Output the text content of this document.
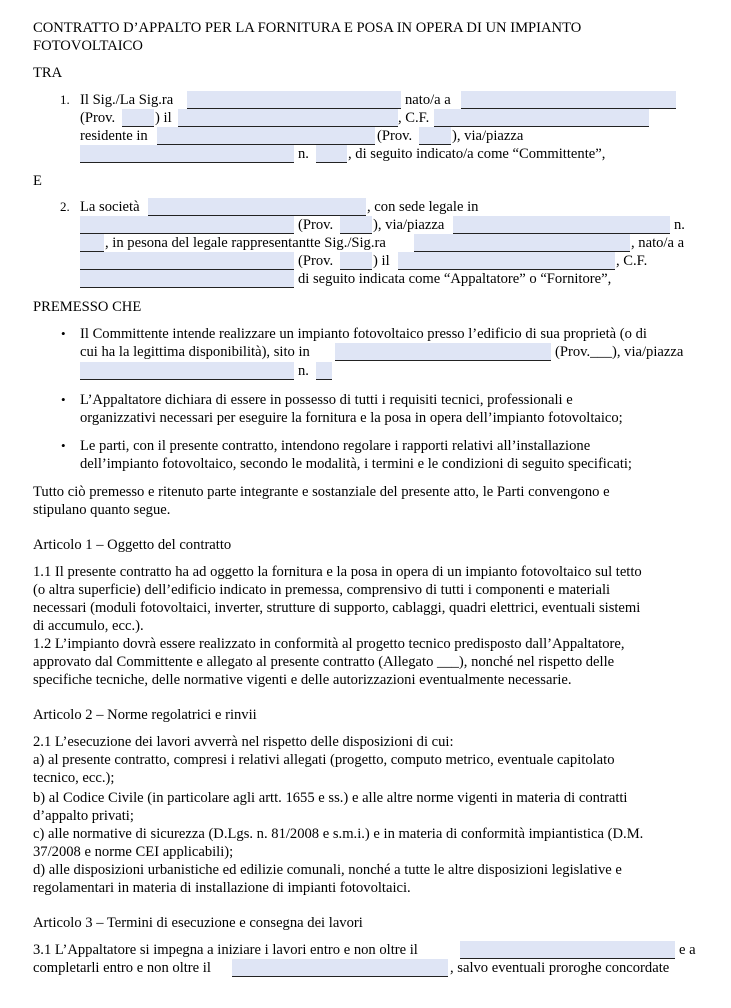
CONTRATTO D’APPALTO PER LA FORNITURA E POSA IN OPERA DI UN IMPIANTO
FOTOVOLTAICO
TRA
1. Il Sig./La Sig.ra	nato/a a
(Prov.	) il	, C.F.
residente in	(Prov.	), via/piazza
n.	, di seguito indicato/a come “Committente”,
E
2. La società	, con sede legale in
(Prov.	), via/piazza	n.
, in pesona del legale rappresentantte Sig./Sig.ra	, nato/a a
(Prov.	) il	, C.F.
di seguito indicata come “Appaltatore” o “Fornitore”,
PREMESSO CHE
• Il Committente intende realizzare un impianto fotovoltaico presso l’edificio di sua proprietà (o di
cui ha la legittima disponibilità), sito in	(Prov.___), via/piazza
n.
• L’Appaltatore dichiara di essere in possesso di tutti i requisiti tecnici, professionali e
organizzativi necessari per eseguire la fornitura e la posa in opera dell’impianto fotovoltaico;
• Le parti, con il presente contratto, intendono regolare i rapporti relativi all’installazione
dell’impianto fotovoltaico, secondo le modalità, i termini e le condizioni di seguito specificati;
Tutto ciò premesso e ritenuto parte integrante e sostanziale del presente atto, le Parti convengono e
stipulano quanto segue.
Articolo 1 – Oggetto del contratto
1.1 Il presente contratto ha ad oggetto la fornitura e la posa in opera di un impianto fotovoltaico sul tetto
(o altra superficie) dell’edificio indicato in premessa, comprensivo di tutti i componenti e materiali
necessari (moduli fotovoltaici, inverter, strutture di supporto, cablaggi, quadri elettrici, eventuali sistemi
di accumulo, ecc.).
1.2 L’impianto dovrà essere realizzato in conformità al progetto tecnico predisposto dall’Appaltatore,
approvato dal Committente e allegato al presente contratto (Allegato ___), nonché nel rispetto delle
specifiche tecniche, delle normative vigenti e delle autorizzazioni eventualmente necessarie.
Articolo 2 – Norme regolatrici e rinvii
2.1 L’esecuzione dei lavori avverrà nel rispetto delle disposizioni di cui:
a) al presente contratto, compresi i relativi allegati (progetto, computo metrico, eventuale capitolato
tecnico, ecc.);
b) al Codice Civile (in particolare agli artt. 1655 e ss.) e alle altre norme vigenti in materia di contratti
d’appalto privati;
c) alle normative di sicurezza (D.Lgs. n. 81/2008 e s.m.i.) e in materia di conformità impiantistica (D.M.
37/2008 e norme CEI applicabili);
d) alle disposizioni urbanistiche ed edilizie comunali, nonché a tutte le altre disposizioni legislative e
regolamentari in materia di installazione di impianti fotovoltaici.
Articolo 3 – Termini di esecuzione e consegna dei lavori
3.1 L’Appaltatore si impegna a iniziare i lavori entro e non oltre il	e a
completarli entro e non oltre il	, salvo eventuali proroghe concordate
